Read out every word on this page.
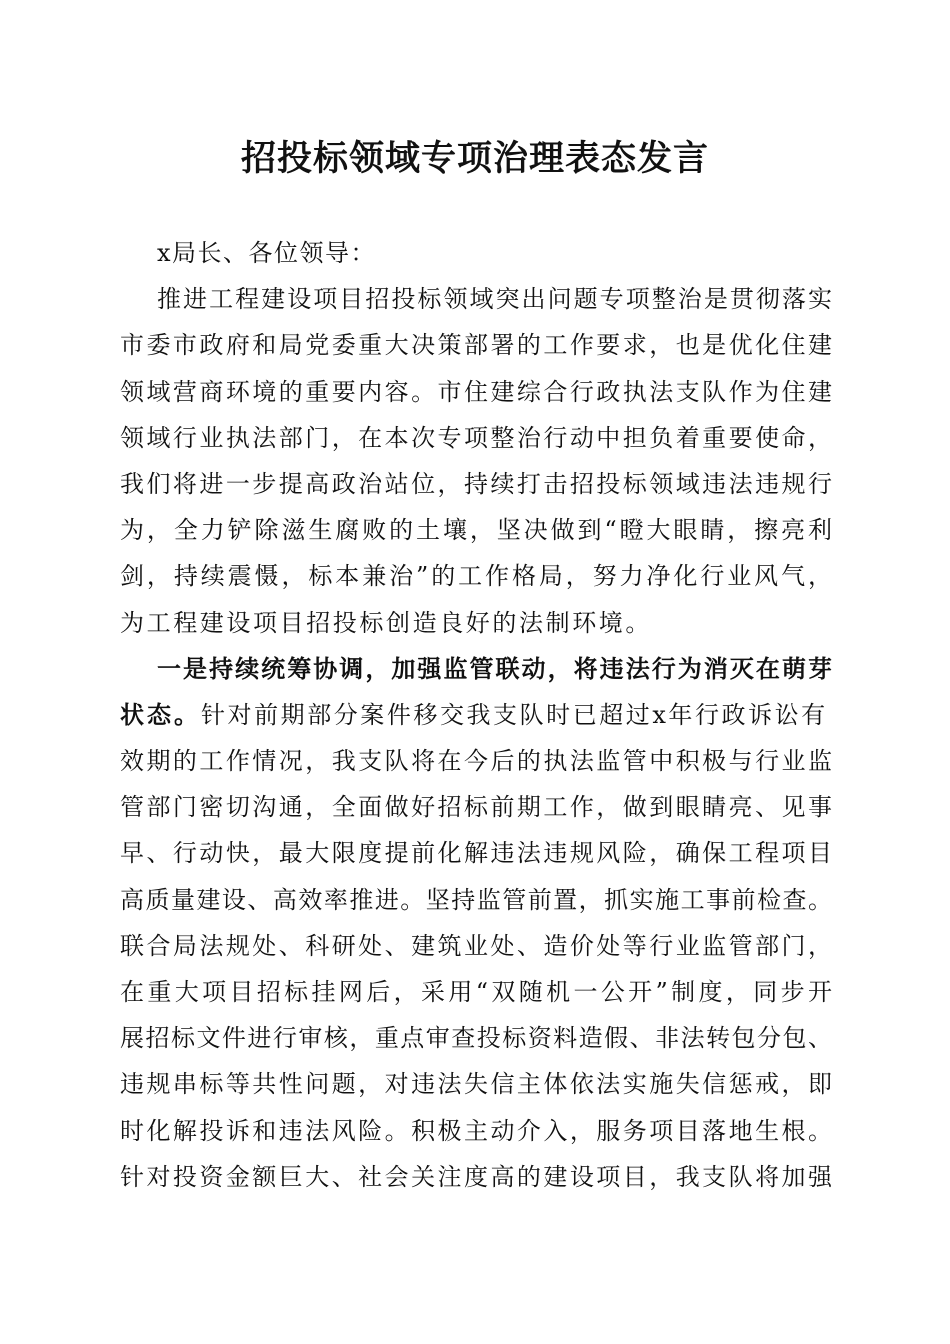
招投标领域专项治理表态发言
x局长、各位领导：
推进工程建设项目招投标领域突出问题专项整治是贯彻落实
市委市政府和局党委重大决策部署的工作要求，也是优化住建
领域营商环境的重要内容。市住建综合行政执法支队作为住建
领域行业执法部门，在本次专项整治行动中担负着重要使命，
我们将进一步提高政治站位，持续打击招投标领域违法违规行
为，全力铲除滋生腐败的土壤，坚决做到“瞪大眼睛，擦亮利
剑，持续震慑，标本兼治”的工作格局，努力净化行业风气，
为工程建设项目招投标创造良好的法制环境。
一是持续统筹协调，加强监管联动，将违法行为消灭在萌芽
状态。 针对前期部分案件移交我支队时已超过x年行政诉讼有
效期的工作情况，我支队将在今后的执法监管中积极与行业监
管部门密切沟通，全面做好招标前期工作，做到眼睛亮、见事
早、行动快，最大限度提前化解违法违规风险，确保工程项目
高质量建设、高效率推进。坚持监管前置，抓实施工事前检查。
联合局法规处、科研处、建筑业处、造价处等行业监管部门，
在重大项目招标挂网后，采用“双随机一公开”制度，同步开
展招标文件进行审核，重点审查投标资料造假、非法转包分包、
违规串标等共性问题，对违法失信主体依法实施失信惩戒，即
时化解投诉和违法风险。积极主动介入，服务项目落地生根。
针对投资金额巨大、社会关注度高的建设项目，我支队将加强
